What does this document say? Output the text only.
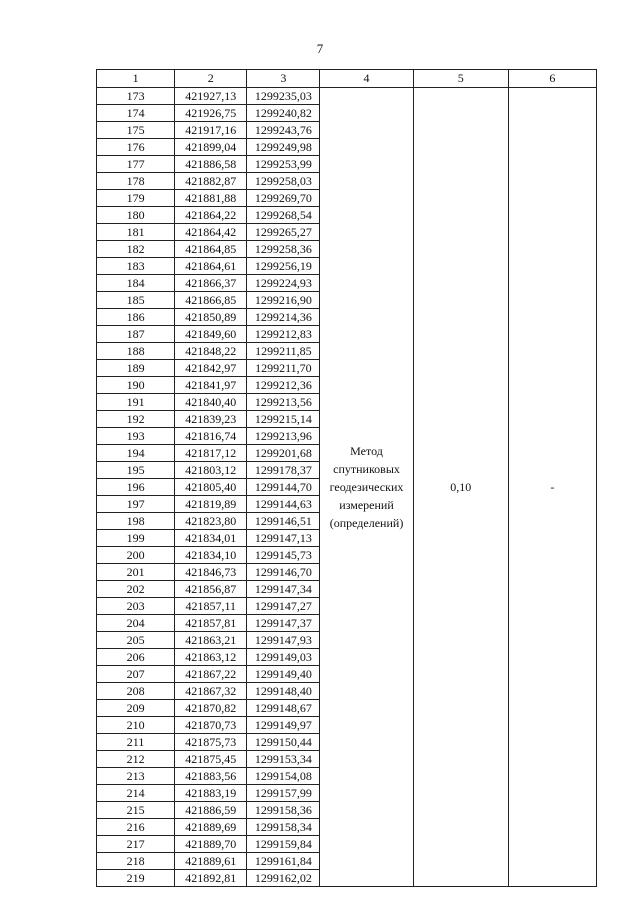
7
1	2	3	4	5	6
173	421927,13	1299235,03	Метод спутниковых геодезических измерений (определений)	0,10	-
174	421926,75	1299240,82			
175	421917,16	1299243,76			
176	421899,04	1299249,98			
177	421886,58	1299253,99			
178	421882,87	1299258,03			
179	421881,88	1299269,70			
180	421864,22	1299268,54			
181	421864,42	1299265,27			
182	421864,85	1299258,36			
183	421864,61	1299256,19			
184	421866,37	1299224,93			
185	421866,85	1299216,90			
186	421850,89	1299214,36			
187	421849,60	1299212,83			
188	421848,22	1299211,85			
189	421842,97	1299211,70			
190	421841,97	1299212,36			
191	421840,40	1299213,56			
192	421839,23	1299215,14			
193	421816,74	1299213,96			
194	421817,12	1299201,68			
195	421803,12	1299178,37			
196	421805,40	1299144,70			
197	421819,89	1299144,63			
198	421823,80	1299146,51			
199	421834,01	1299147,13			
200	421834,10	1299145,73			
201	421846,73	1299146,70			
202	421856,87	1299147,34			
203	421857,11	1299147,27			
204	421857,81	1299147,37			
205	421863,21	1299147,93			
206	421863,12	1299149,03			
207	421867,22	1299149,40			
208	421867,32	1299148,40			
209	421870,82	1299148,67			
210	421870,73	1299149,97			
211	421875,73	1299150,44			
212	421875,45	1299153,34			
213	421883,56	1299154,08			
214	421883,19	1299157,99			
215	421886,59	1299158,36			
216	421889,69	1299158,34			
217	421889,70	1299159,84			
218	421889,61	1299161,84			
219	421892,81	1299162,02			
